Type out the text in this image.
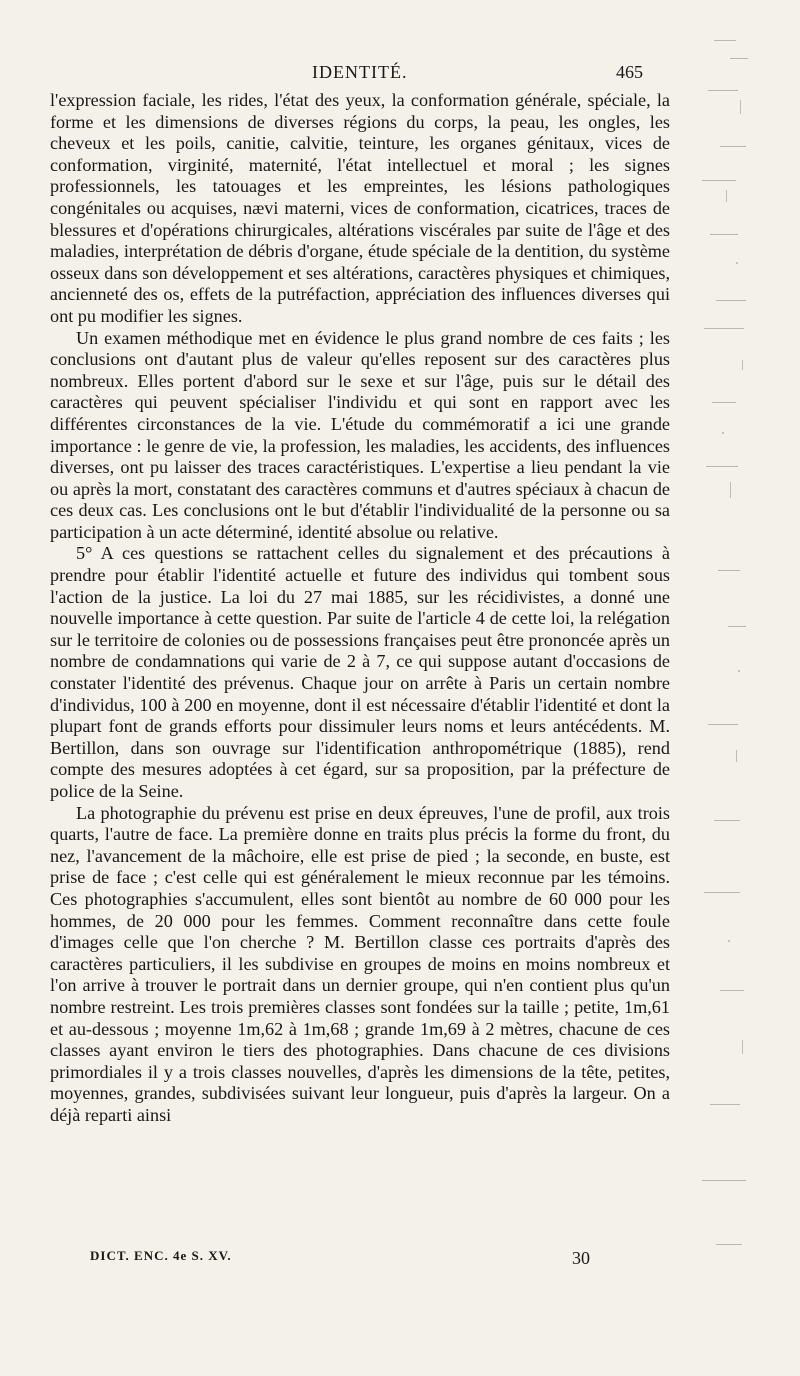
IDENTITÉ.	465

l'expression faciale, les rides, l'état des yeux, la conformation générale, spéciale, la forme et les dimensions de diverses régions du corps, la peau, les ongles, les cheveux et les poils, canitie, calvitie, teinture, les organes génitaux, vices de conformation, virginité, maternité, l'état intellectuel et moral ; les signes professionnels, les tatouages et les empreintes, les lésions pathologiques congénitales ou acquises, nævi materni, vices de conformation, cicatrices, traces de blessures et d'opérations chirurgicales, altérations viscérales par suite de l'âge et des maladies, interprétation de débris d'organe, étude spéciale de la dentition, du système osseux dans son développement et ses altérations, caractères physiques et chimiques, ancienneté des os, effets de la putréfaction, appréciation des influences diverses qui ont pu modifier les signes.

Un examen méthodique met en évidence le plus grand nombre de ces faits ; les conclusions ont d'autant plus de valeur qu'elles reposent sur des caractères plus nombreux. Elles portent d'abord sur le sexe et sur l'âge, puis sur le détail des caractères qui peuvent spécialiser l'individu et qui sont en rapport avec les différentes circonstances de la vie. L'étude du commémoratif a ici une grande importance : le genre de vie, la profession, les maladies, les accidents, des influences diverses, ont pu laisser des traces caractéristiques. L'expertise a lieu pendant la vie ou après la mort, constatant des caractères communs et d'autres spéciaux à chacun de ces deux cas. Les conclusions ont le but d'établir l'individualité de la personne ou sa participation à un acte déterminé, identité absolue ou relative.

5° A ces questions se rattachent celles du signalement et des précautions à prendre pour établir l'identité actuelle et future des individus qui tombent sous l'action de la justice. La loi du 27 mai 1885, sur les récidivistes, a donné une nouvelle importance à cette question. Par suite de l'article 4 de cette loi, la relégation sur le territoire de colonies ou de possessions françaises peut être prononcée après un nombre de condamnations qui varie de 2 à 7, ce qui suppose autant d'occasions de constater l'identité des prévenus. Chaque jour on arrête à Paris un certain nombre d'individus, 100 à 200 en moyenne, dont il est nécessaire d'établir l'identité et dont la plupart font de grands efforts pour dissimuler leurs noms et leurs antécédents. M. Bertillon, dans son ouvrage sur l'identification anthropométrique (1885), rend compte des mesures adoptées à cet égard, sur sa proposition, par la préfecture de police de la Seine.

La photographie du prévenu est prise en deux épreuves, l'une de profil, aux trois quarts, l'autre de face. La première donne en traits plus précis la forme du front, du nez, l'avancement de la mâchoire, elle est prise de pied ; la seconde, en buste, est prise de face ; c'est celle qui est généralement le mieux reconnue par les témoins. Ces photographies s'accumulent, elles sont bientôt au nombre de 60 000 pour les hommes, de 20 000 pour les femmes. Comment reconnaître dans cette foule d'images celle que l'on cherche ? M. Bertillon classe ces portraits d'après des caractères particuliers, il les subdivise en groupes de moins en moins nombreux et l'on arrive à trouver le portrait dans un dernier groupe, qui n'en contient plus qu'un nombre restreint. Les trois premières classes sont fondées sur la taille ; petite, 1m,61 et au-dessous ; moyenne 1m,62 à 1m,68 ; grande 1m,69 à 2 mètres, chacune de ces classes ayant environ le tiers des photographies. Dans chacune de ces divisions primordiales il y a trois classes nouvelles, d'après les dimensions de la tête, petites, moyennes, grandes, subdivisées suivant leur longueur, puis d'après la largeur. On a déjà reparti ainsi

DICT. ENC. 4e S. XV.	30
